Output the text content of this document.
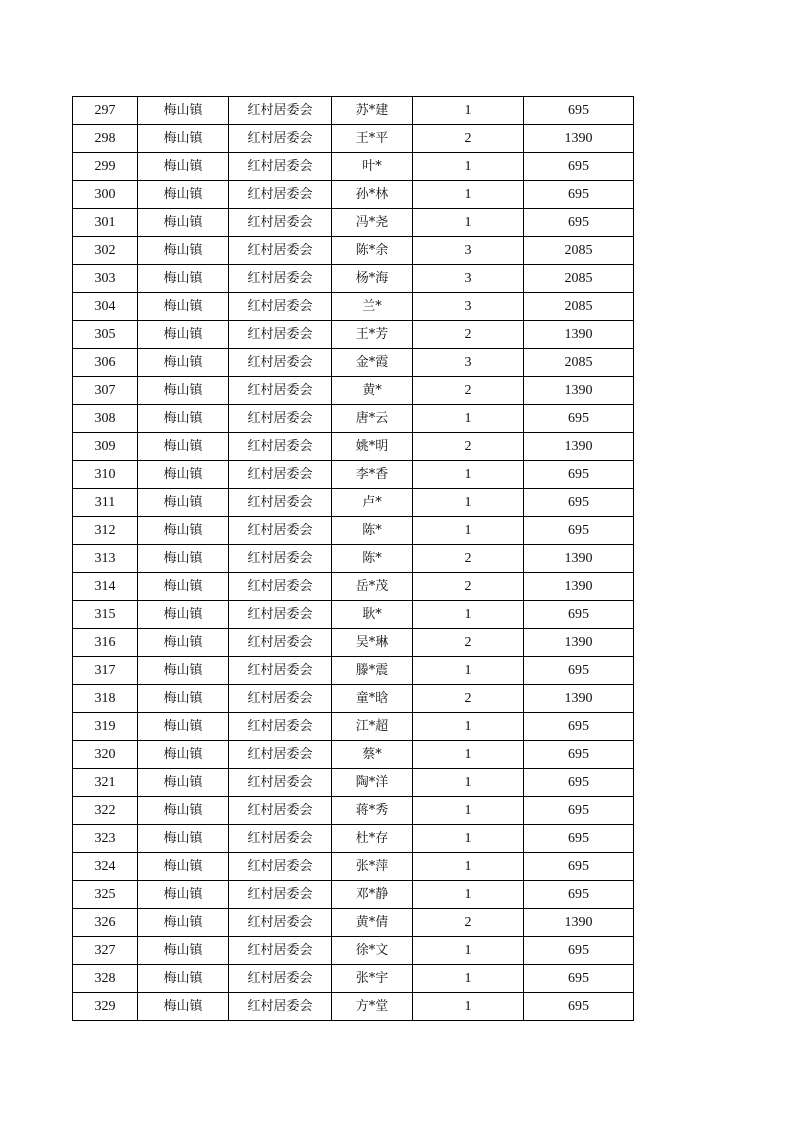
297	梅山镇	红村居委会	苏*建	1	695
298	梅山镇	红村居委会	王*平	2	1390
299	梅山镇	红村居委会	叶*	1	695
300	梅山镇	红村居委会	孙*林	1	695
301	梅山镇	红村居委会	冯*尧	1	695
302	梅山镇	红村居委会	陈*余	3	2085
303	梅山镇	红村居委会	杨*海	3	2085
304	梅山镇	红村居委会	兰*	3	2085
305	梅山镇	红村居委会	王*芳	2	1390
306	梅山镇	红村居委会	金*霞	3	2085
307	梅山镇	红村居委会	黄*	2	1390
308	梅山镇	红村居委会	唐*云	1	695
309	梅山镇	红村居委会	姚*明	2	1390
310	梅山镇	红村居委会	李*香	1	695
311	梅山镇	红村居委会	卢*	1	695
312	梅山镇	红村居委会	陈*	1	695
313	梅山镇	红村居委会	陈*	2	1390
314	梅山镇	红村居委会	岳*茂	2	1390
315	梅山镇	红村居委会	耿*	1	695
316	梅山镇	红村居委会	吴*琳	2	1390
317	梅山镇	红村居委会	滕*震	1	695
318	梅山镇	红村居委会	童*晗	2	1390
319	梅山镇	红村居委会	江*超	1	695
320	梅山镇	红村居委会	蔡*	1	695
321	梅山镇	红村居委会	陶*洋	1	695
322	梅山镇	红村居委会	蒋*秀	1	695
323	梅山镇	红村居委会	杜*存	1	695
324	梅山镇	红村居委会	张*萍	1	695
325	梅山镇	红村居委会	邓*静	1	695
326	梅山镇	红村居委会	黄*倩	2	1390
327	梅山镇	红村居委会	徐*文	1	695
328	梅山镇	红村居委会	张*宇	1	695
329	梅山镇	红村居委会	方*堂	1	695
